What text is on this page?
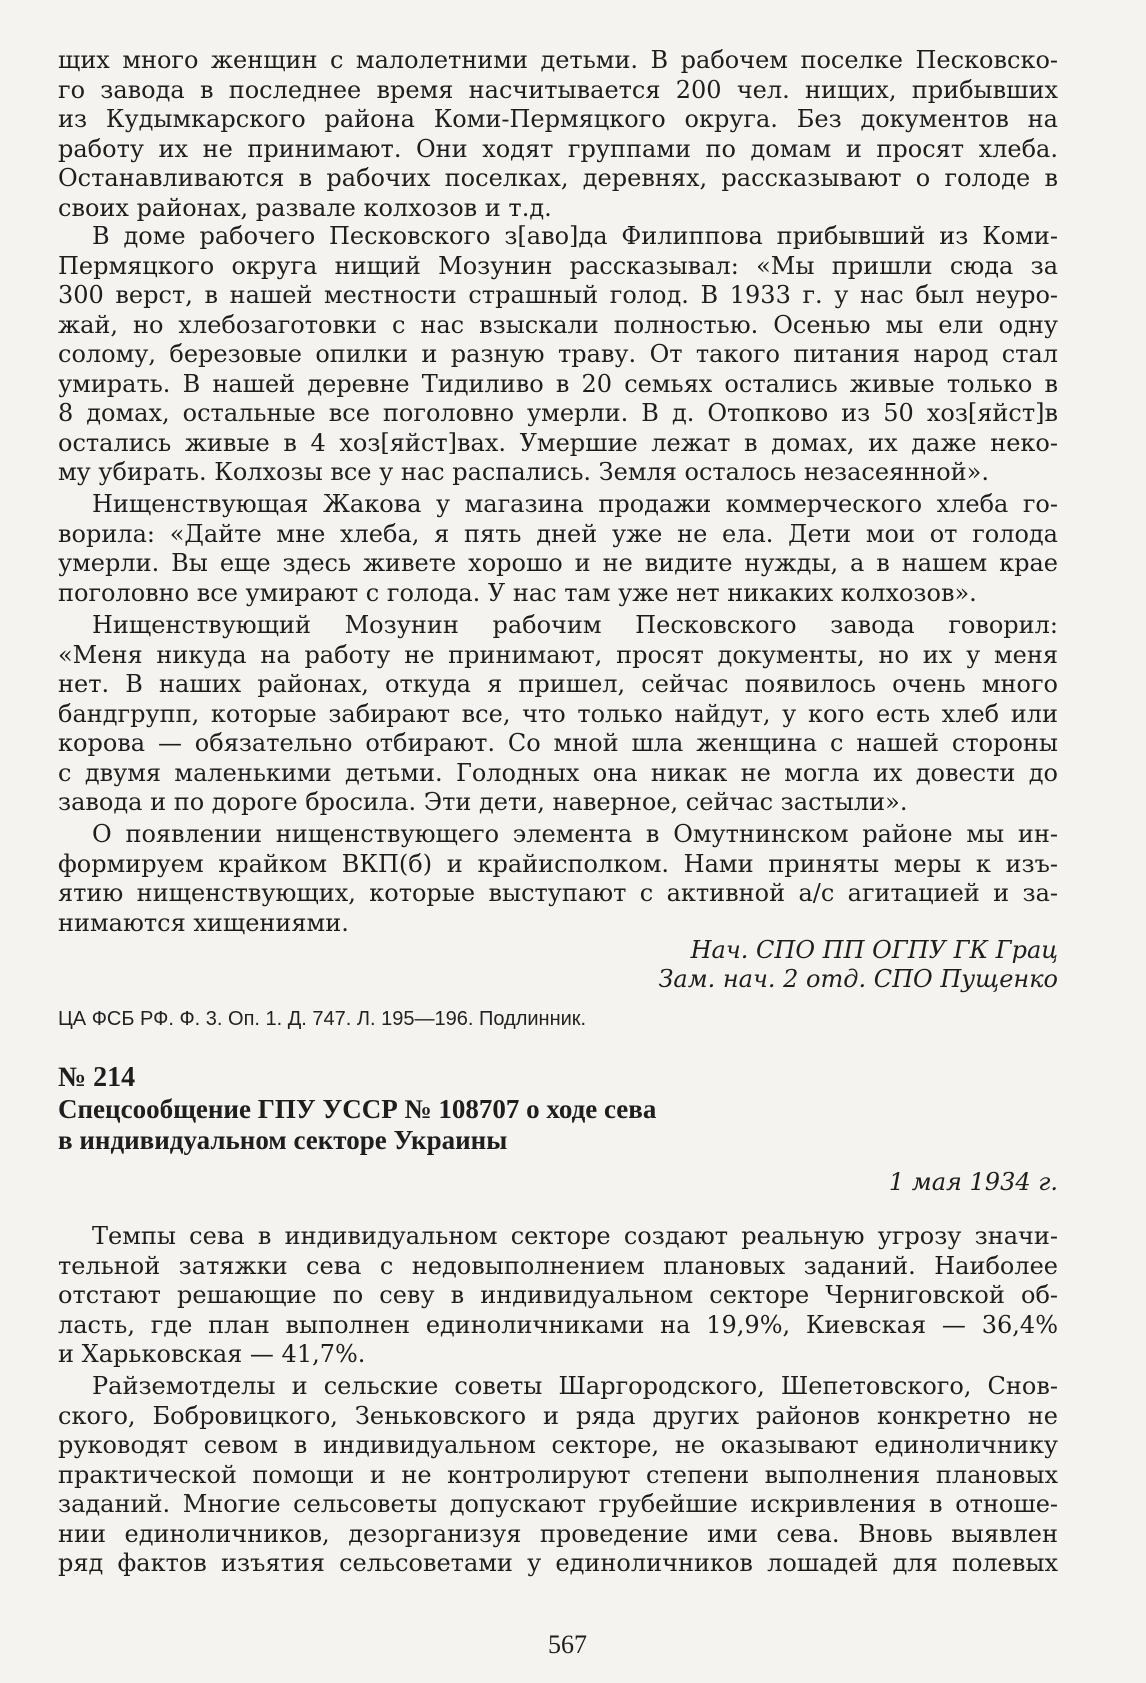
щих много женщин с малолетними детьми. В рабочем поселке Песковско-
го завода в последнее время насчитывается 200 чел. нищих, прибывших
из Кудымкарского района Коми-Пермяцкого округа. Без документов на
работу их не принимают. Они ходят группами по домам и просят хлеба.
Останавливаются в рабочих поселках, деревнях, рассказывают о голоде в
своих районах, развале колхозов и т.д.
В доме рабочего Песковского з[аво]да Филиппова прибывший из Коми-
Пермяцкого округа нищий Мозунин рассказывал: «Мы пришли сюда за
300 верст, в нашей местности страшный голод. В 1933 г. у нас был неуро-
жай, но хлебозаготовки с нас взыскали полностью. Осенью мы ели одну
солому, березовые опилки и разную траву. От такого питания народ стал
умирать. В нашей деревне Тидиливо в 20 семьях остались живые только в
8 домах, остальные все поголовно умерли. В д. Отопково из 50 хоз[яйст]в
остались живые в 4 хоз[яйст]вах. Умершие лежат в домах, их даже неко-
му убирать. Колхозы все у нас распались. Земля осталось незасеянной».
Нищенствующая Жакова у магазина продажи коммерческого хлеба го-
ворила: «Дайте мне хлеба, я пять дней уже не ела. Дети мои от голода
умерли. Вы еще здесь живете хорошо и не видите нужды, а в нашем крае
поголовно все умирают с голода. У нас там уже нет никаких колхозов».
Нищенствующий Мозунин рабочим Песковского завода говорил:
«Меня никуда на работу не принимают, просят документы, но их у меня
нет. В наших районах, откуда я пришел, сейчас появилось очень много
бандгрупп, которые забирают все, что только найдут, у кого есть хлеб или
корова — обязательно отбирают. Со мной шла женщина с нашей стороны
с двумя маленькими детьми. Голодных она никак не могла их довести до
завода и по дороге бросила. Эти дети, наверное, сейчас застыли».
О появлении нищенствующего элемента в Омутнинском районе мы ин-
формируем крайком ВКП(б) и крайисполком. Нами приняты меры к изъ-
ятию нищенствующих, которые выступают с активной а/с агитацией и за-
нимаются хищениями.
Нач. СПО ПП ОГПУ ГК Грац
Зам. нач. 2 отд. СПО Пущенко
ЦА ФСБ РФ. Ф. 3. Оп. 1. Д. 747. Л. 195—196. Подлинник.
№ 214
Спецсообщение ГПУ УССР № 108707 о ходе сева
в индивидуальном секторе Украины
1 мая 1934 г.
Темпы сева в индивидуальном секторе создают реальную угрозу значи-
тельной затяжки сева с недовыполнением плановых заданий. Наиболее
отстают решающие по севу в индивидуальном секторе Черниговской об-
ласть, где план выполнен единоличниками на 19,9%, Киевская — 36,4%
и Харьковская — 41,7%.
Райземотделы и сельские советы Шаргородского, Шепетовского, Снов-
ского, Бобровицкого, Зеньковского и ряда других районов конкретно не
руководят севом в индивидуальном секторе, не оказывают единоличнику
практической помощи и не контролируют степени выполнения плановых
заданий. Многие сельсоветы допускают грубейшие искривления в отноше-
нии единоличников, дезорганизуя проведение ими сева. Вновь выявлен
ряд фактов изъятия сельсоветами у единоличников лошадей для полевых
567
